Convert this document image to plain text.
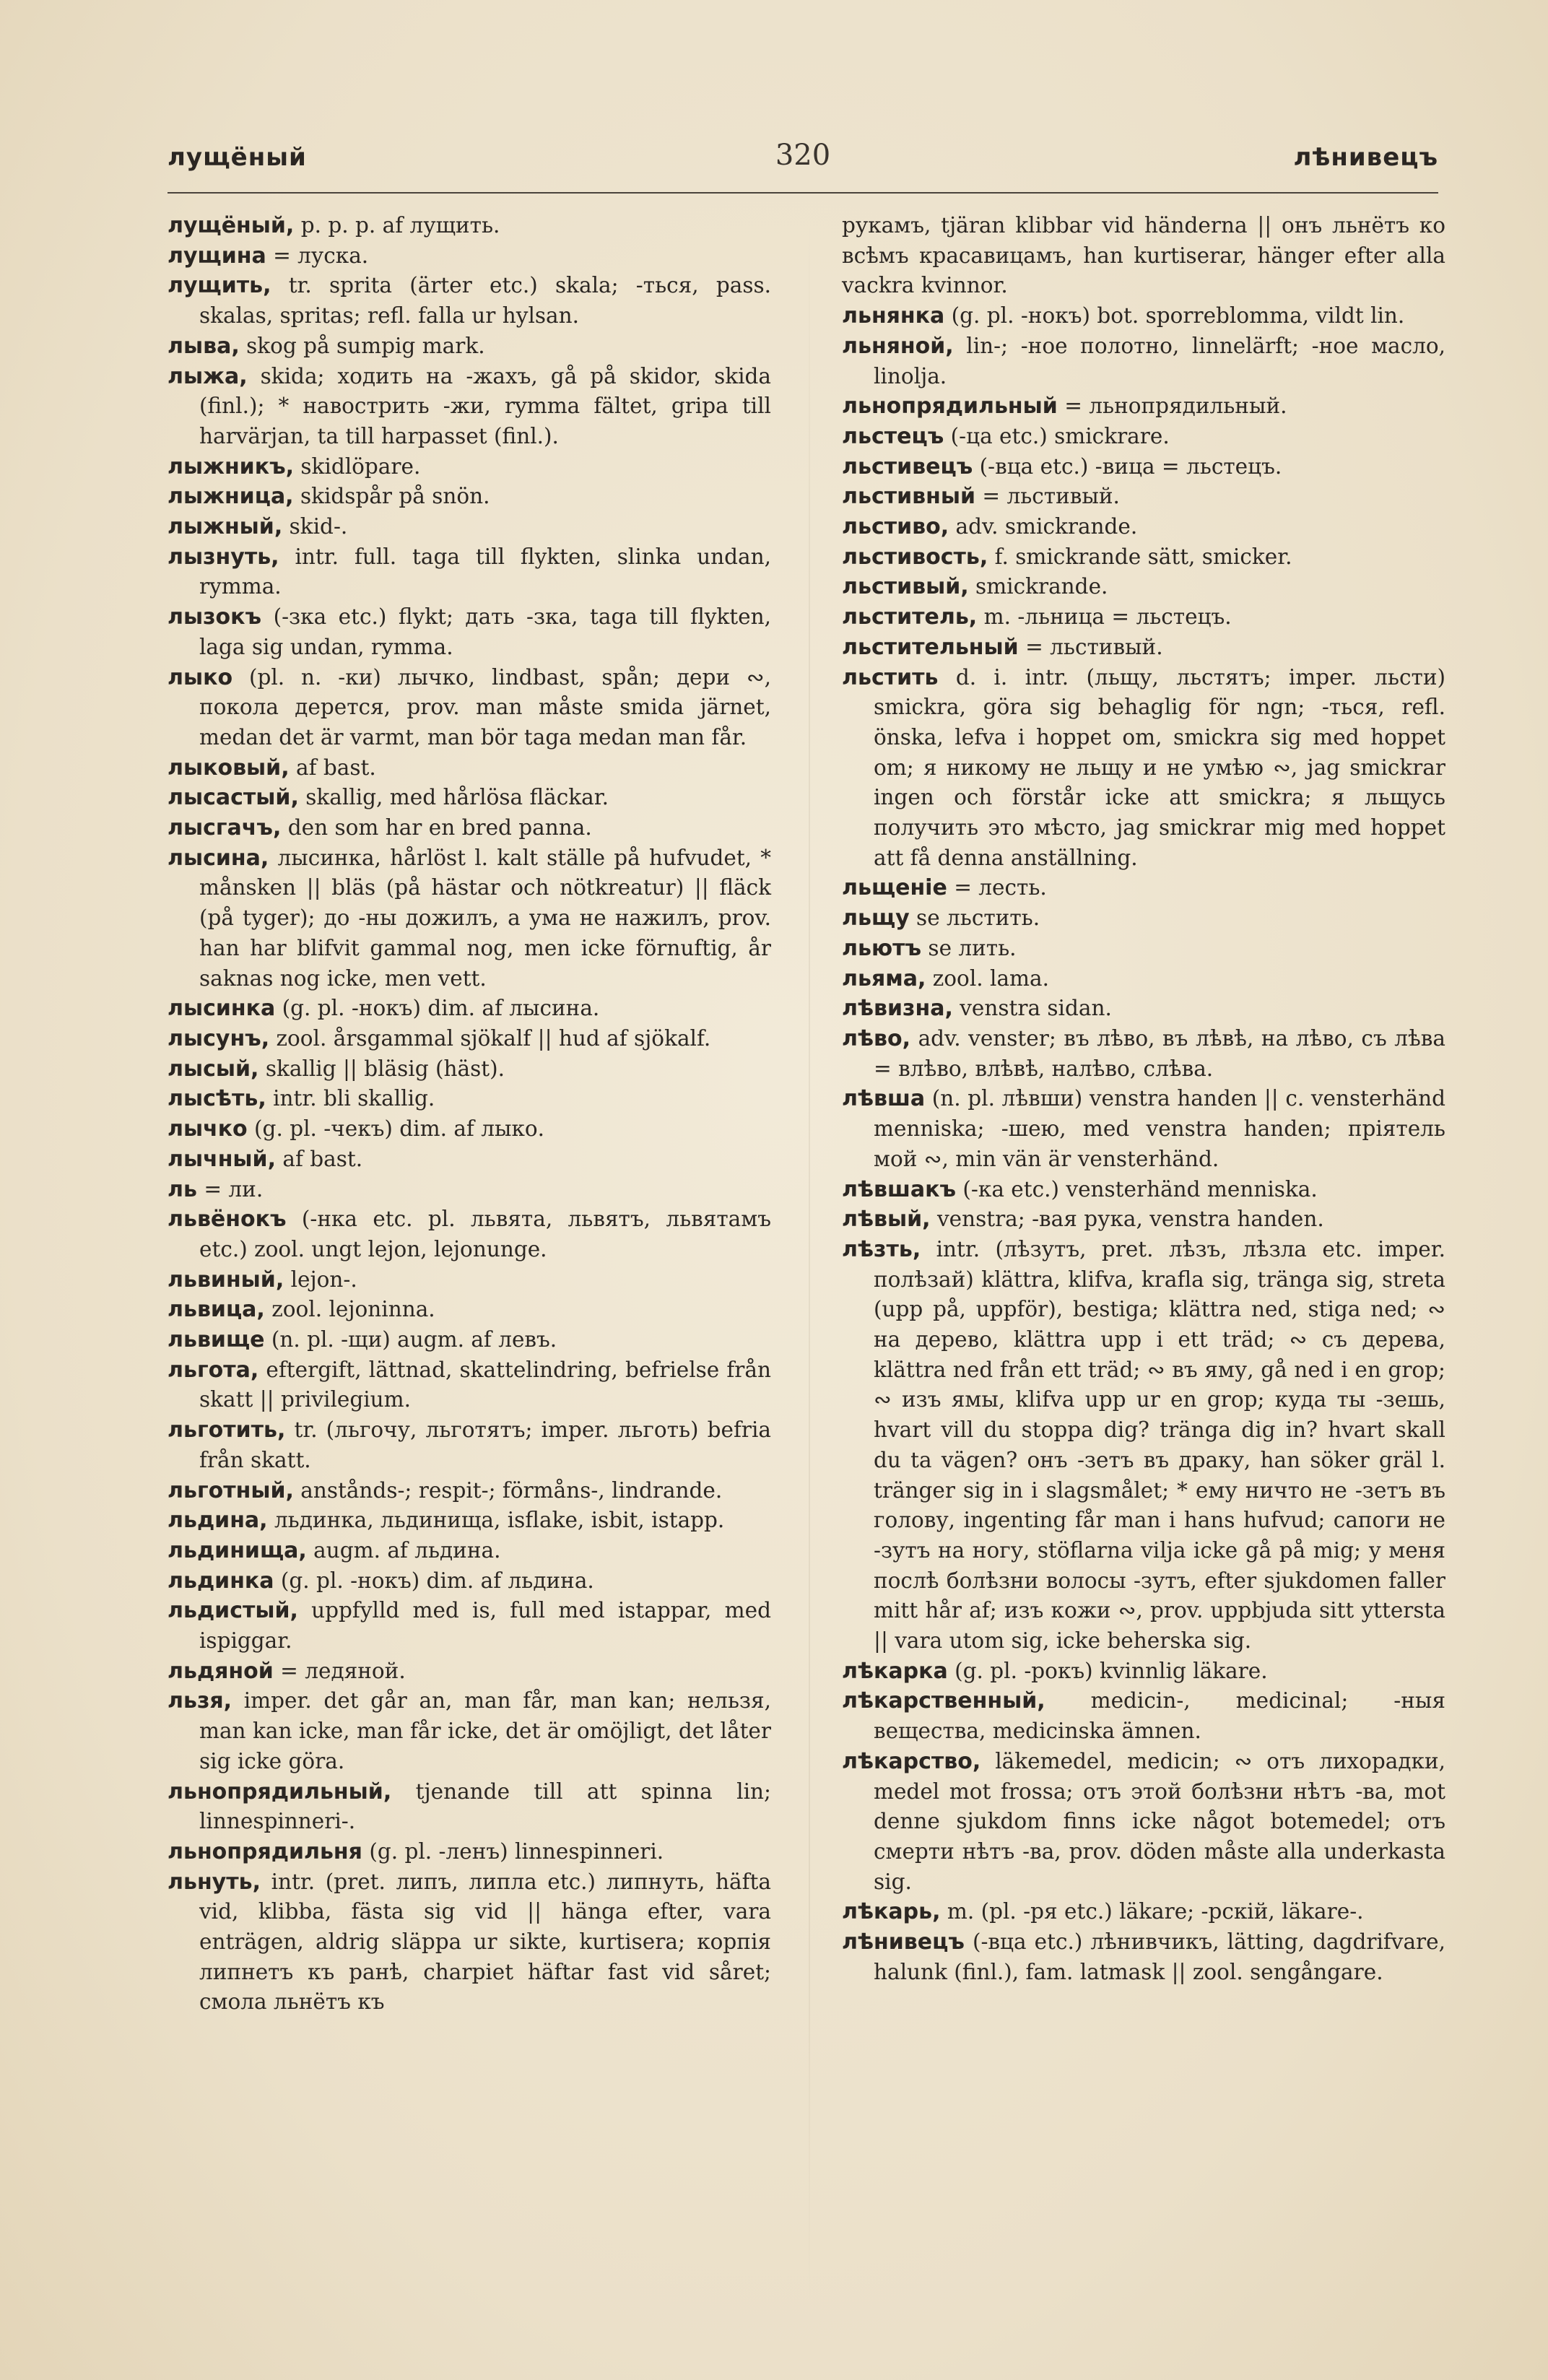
лущёный	320	лѣнивецъ

лущёный, p. p. p. af лущить.

лущина = луска.

лущить, tr. sprita (ärter etc.) skala; -ться, pass. skalas, spritas; refl. falla ur hylsan.

лыва, skog på sumpig mark.

лыжа, skida; ходить на -жахъ, gå på skidor, skida (finl.); * навострить -жи, rymma fältet, gripa till harvärjan, ta till harpasset (finl.).

лыжникъ, skidlöpare.

лыжница, skidspår på snön.

лыжный, skid-.

лызнуть, intr. full. taga till flykten, slinka undan, rymma.

лызокъ (-зка etc.) flykt; дать -зка, taga till flykten, laga sig undan, rymma.

лыко (pl. n. -ки) лычко, lindbast, spån; дери ∾, покола дерется, prov. man måste smida järnet, medan det är varmt, man bör taga medan man får.

лыковый, af bast.

лысастый, skallig, med hårlösa fläckar.

лысгачъ, den som har en bred panna.

лысина, лысинка, hårlöst l. kalt ställe på hufvudet, * månsken || bläs (på hästar och nötkreatur) || fläck (på tyger); до -ны дожилъ, a ума не нажилъ, prov. han har blifvit gammal nog, men icke förnuftig, år saknas nog icke, men vett.

лысинка (g. pl. -нокъ) dim. af лысина.

лысунъ, zool. årsgammal sjökalf || hud af sjökalf.

лысый, skallig || bläsig (häst).

лысѣть, intr. bli skallig.

лычко (g. pl. -чекъ) dim. af лыко.

лычный, af bast.

ль = ли.

львёнокъ (-нка etc. pl. львята, львятъ, львятамъ etc.) zool. ungt lejon, lejonunge.

львиный, lejon-.

львица, zool. lejoninna.

львище (n. pl. -щи) augm. af левъ.

льгота, eftergift, lättnad, skattelindring, befrielse från skatt || privilegium.

льготить, tr. (льгочу, льготятъ; imper. льготь) befria från skatt.

льготный, anstånds-; respit-; förmåns-, lindrande.

льдина, льдинка, льдинища, isflake, isbit, istapp.

льдинища, augm. af льдина.

льдинка (g. pl. -нокъ) dim. af льдина.

льдистый, uppfylld med is, full med istappar, med ispiggar.

льдяной = ледяной.

льзя, imper. det går an, man får, man kan; нельзя, man kan icke, man får icke, det är omöjligt, det låter sig icke göra.

льнопрядильный, tjenande till att spinna lin; linnespinneri-.

льнопрядильня (g. pl. -ленъ) linnespinneri.

льнуть, intr. (pret. липъ, липла etc.) липнуть, häfta vid, klibba, fästa sig vid || hänga efter, vara enträgen, aldrig släppa ur sikte, kurtisera; корпія липнетъ къ ранѣ, charpiet häftar fast vid såret; смола льнётъ къ

рукамъ, tjäran klibbar vid händerna || онъ льнётъ ко всѣмъ красавицамъ, han kurtiserar, hänger efter alla vackra kvinnor.

льнянка (g. pl. -нокъ) bot. sporreblomma, vildt lin.

льняной, lin-; -ное полотно, linnelärft; -ное масло, linolja.

льнопрядильный = льнопрядильный.

льстецъ (-ца etc.) smickrare.

льстивецъ (-вца etc.) -вица = льстецъ.

льстивный = льстивый.

льстиво, adv. smickrande.

льстивость, f. smickrande sätt, smicker.

льстивый, smickrande.

льститель, m. -льница = льстецъ.

льстительный = льстивый.

льстить d. i. intr. (льщу, льстятъ; imper. льсти) smickra, göra sig behaglig för ngn; -ться, refl. önska, lefva i hoppet om, smickra sig med hoppet om; я никому не льщу и не умѣю ∾, jag smickrar ingen och förstår icke att smickra; я льщусь получить это мѣсто, jag smickrar mig med hoppet att få denna anställning.

льщеніе = лесть.

льщу se льстить.

льютъ se лить.

льяма, zool. lama.

лѣвизна, venstra sidan.

лѣво, adv. venster; въ лѣво, въ лѣвѣ, на лѣво, съ лѣва = влѣво, влѣвѣ, налѣво, слѣва.

лѣвша (n. pl. лѣвши) venstra handen || c. vensterhänd menniska; -шею, med venstra handen; пріятель мой ∾, min vän är vensterhänd.

лѣвшакъ (-ка etc.) vensterhänd menniska.

лѣвый, venstra; -вая рука, venstra handen.

лѣзть, intr. (лѣзутъ, pret. лѣзъ, лѣзла etc. imper. полѣзай) klättra, klifva, krafla sig, tränga sig, streta (upp på, uppför), bestiga; klättra ned, stiga ned; ∾ на дерево, klättra upp i ett träd; ∾ съ дерева, klättra ned från ett träd; ∾ въ яму, gå ned i en grop; ∾ изъ ямы, klifva upp ur en grop; куда ты -зешь, hvart vill du stoppa dig? tränga dig in? hvart skall du ta vägen? онъ -зетъ въ драку, han söker gräl l. tränger sig in i slagsmålet; * ему ничто не -зетъ въ голову, ingenting får man i hans hufvud; сапоги не -зутъ на ногу, stöflarna vilja icke gå på mig; у меня послѣ болѣзни волосы -зутъ, efter sjukdomen faller mitt hår af; изъ кожи ∾, prov. uppbjuda sitt yttersta || vara utom sig, icke beherska sig.

лѣкарка (g. pl. -рокъ) kvinnlig läkare.

лѣкарственный, medicin-, medicinal; -ныя вещества, medicinska ämnen.

лѣкарство, läkemedel, medicin; ∾ отъ лихорадки, medel mot frossa; отъ этой болѣзни нѣтъ -ва, mot denne sjukdom finns icke något botemedel; отъ смерти нѣтъ -ва, prov. döden måste alla underkasta sig.

лѣкарь, m. (pl. -ря etc.) läkare; -рскій, läkare-.

лѣнивецъ (-вца etc.) лѣнивчикъ, lätting, dagdrifvare, halunk (finl.), fam. latmask || zool. sengångare.
